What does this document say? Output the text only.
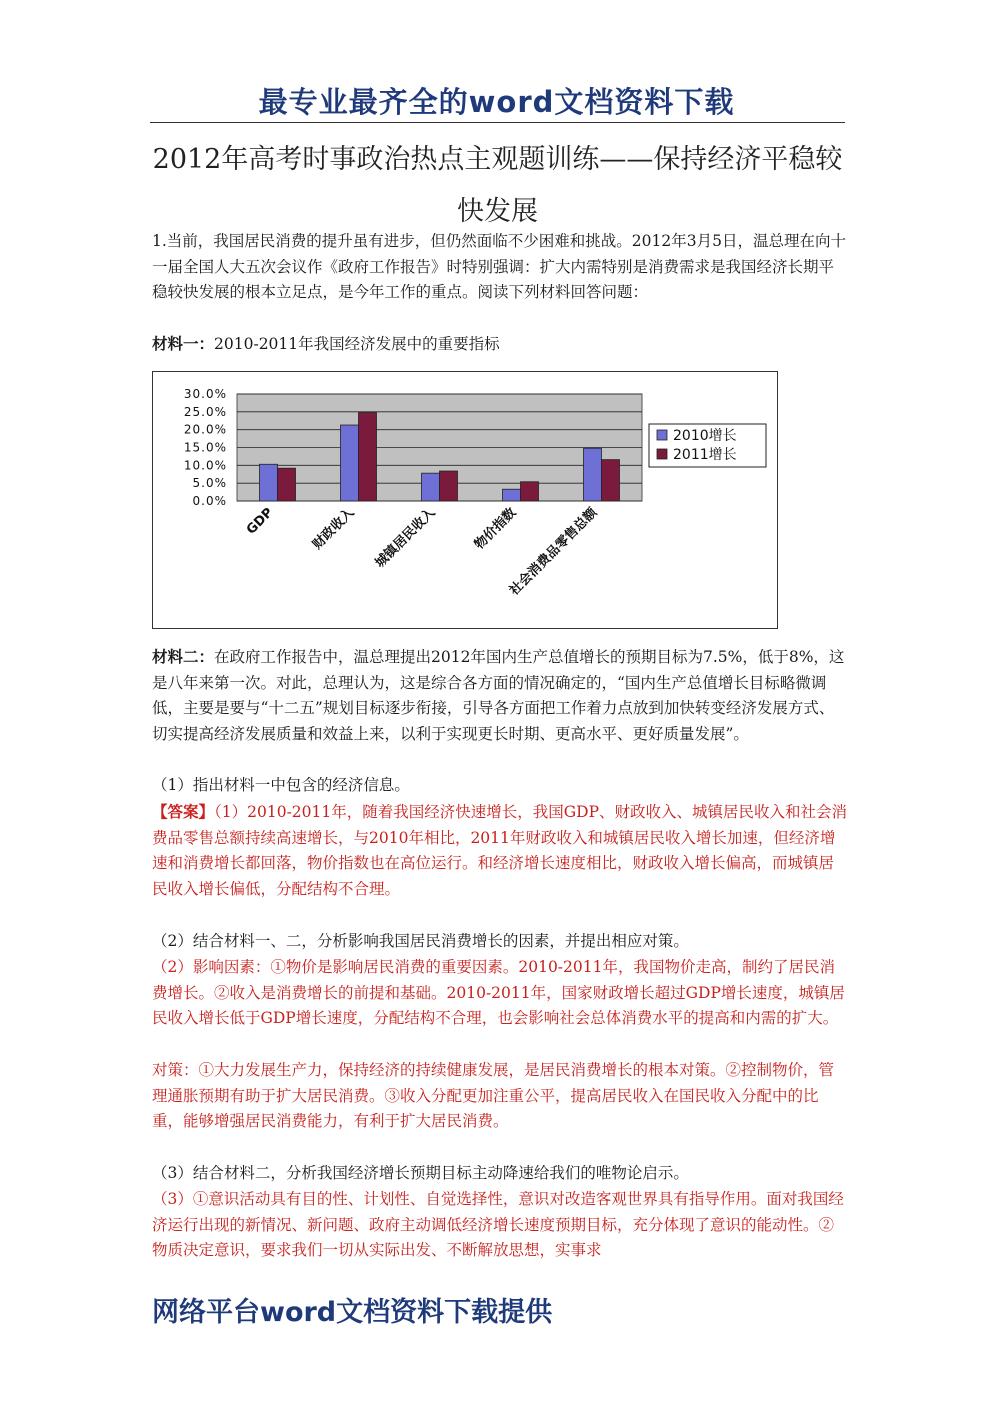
最专业最齐全的word文档资料下载
2012年高考时事政治热点主观题训练——保持经济平稳较快发展
1.当前，我国居民消费的提升虽有进步，但仍然面临不少困难和挑战。2012年3月5日，温总理在向十一届全国人大五次会议作《政府工作报告》时特别强调：扩大内需特别是消费需求是我国经济长期平稳较快发展的根本立足点，是今年工作的重点。阅读下列材料回答问题：
材料一：2010-2011年我国经济发展中的重要指标
0.0%
5.0%
10.0%
15.0%
20.0%
25.0%
30.0%
GDP	财政收入 城镇居民收入	物价指数
社会消费品零售总额
2010增长
2011增长
材料二：在政府工作报告中，温总理提出2012年国内生产总值增长的预期目标为7.5%，低于8%，这是八年来第一次。对此，总理认为，这是综合各方面的情况确定的，“国内生产总值增长目标略微调低，主要是要与“十二五”规划目标逐步衔接，引导各方面把工作着力点放到加快转变经济发展方式、切实提高经济发展质量和效益上来，以利于实现更长时期、更高水平、更好质量发展”。
（1）指出材料一中包含的经济信息。
【答案】（1）2010-2011年，随着我国经济快速增长，我国GDP、财政收入、城镇居民收入和社会消费品零售总额持续高速增长，与2010年相比，2011年财政收入和城镇居民收入增长加速，但经济增速和消费增长都回落，物价指数也在高位运行。和经济增长速度相比，财政收入增长偏高，而城镇居民收入增长偏低，分配结构不合理。
（2）结合材料一、二，分析影响我国居民消费增长的因素，并提出相应对策。
（2）影响因素：①物价是影响居民消费的重要因素。2010-2011年，我国物价走高，制约了居民消费增长。②收入是消费增长的前提和基础。2010-2011年，国家财政增长超过GDP增长速度，城镇居民收入增长低于GDP增长速度，分配结构不合理，也会影响社会总体消费水平的提高和内需的扩大。
对策：①大力发展生产力，保持经济的持续健康发展，是居民消费增长的根本对策。②控制物价，管理通胀预期有助于扩大居民消费。③收入分配更加注重公平，提高居民收入在国民收入分配中的比重，能够增强居民消费能力，有利于扩大居民消费。
（3）结合材料二，分析我国经济增长预期目标主动降速给我们的唯物论启示。
（3）①意识活动具有目的性、计划性、自觉选择性，意识对改造客观世界具有指导作用。面对我国经济运行出现的新情况、新问题、政府主动调低经济增长速度预期目标，充分体现了意识的能动性。②物质决定意识，要求我们一切从实际出发、不断解放思想，实事求
网络平台word文档资料下载提供
